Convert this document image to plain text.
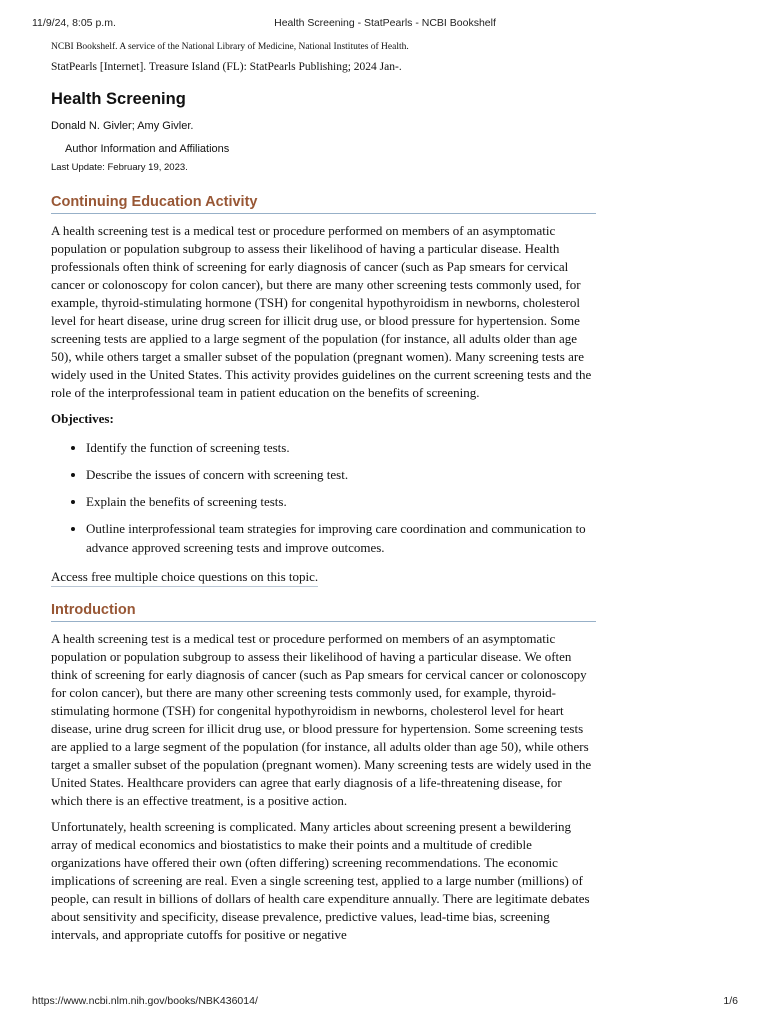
11/9/24, 8:05 p.m.	Health Screening - StatPearls - NCBI Bookshelf

NCBI Bookshelf. A service of the National Library of Medicine, National Institutes of Health.

StatPearls [Internet]. Treasure Island (FL): StatPearls Publishing; 2024 Jan-.

Health Screening

Donald N. Givler; Amy Givler.

Author Information and Affiliations

Last Update: February 19, 2023.

Continuing Education Activity

A health screening test is a medical test or procedure performed on members of an asymptomatic population or population subgroup to assess their likelihood of having a particular disease. Health professionals often think of screening for early diagnosis of cancer (such as Pap smears for cervical cancer or colonoscopy for colon cancer), but there are many other screening tests commonly used, for example, thyroid-stimulating hormone (TSH) for congenital hypothyroidism in newborns, cholesterol level for heart disease, urine drug screen for illicit drug use, or blood pressure for hypertension. Some screening tests are applied to a large segment of the population (for instance, all adults older than age 50), while others target a smaller subset of the population (pregnant women). Many screening tests are widely used in the United States. This activity provides guidelines on the current screening tests and the role of the interprofessional team in patient education on the benefits of screening.

Objectives:

• Identify the function of screening tests.
• Describe the issues of concern with screening test.
• Explain the benefits of screening tests.
• Outline interprofessional team strategies for improving care coordination and communication to advance approved screening tests and improve outcomes.
Access free multiple choice questions on this topic.
Introduction

A health screening test is a medical test or procedure performed on members of an asymptomatic population or population subgroup to assess their likelihood of having a particular disease. We often think of screening for early diagnosis of cancer (such as Pap smears for cervical cancer or colonoscopy for colon cancer), but there are many other screening tests commonly used, for example, thyroid-stimulating hormone (TSH) for congenital hypothyroidism in newborns, cholesterol level for heart disease, urine drug screen for illicit drug use, or blood pressure for hypertension. Some screening tests are applied to a large segment of the population (for instance, all adults older than age 50), while others target a smaller subset of the population (pregnant women). Many screening tests are widely used in the United States. Healthcare providers can agree that early diagnosis of a life-threatening disease, for which there is an effective treatment, is a positive action.

Unfortunately, health screening is complicated. Many articles about screening present a bewildering array of medical economics and biostatistics to make their points and a multitude of credible organizations have offered their own (often differing) screening recommendations. The economic implications of screening are real. Even a single screening test, applied to a large number (millions) of people, can result in billions of dollars of health care expenditure annually. There are legitimate debates about sensitivity and specificity, disease prevalence, predictive values, lead-time bias, screening intervals, and appropriate cutoffs for positive or negative

https://www.ncbi.nlm.nih.gov/books/NBK436014/	1/6
